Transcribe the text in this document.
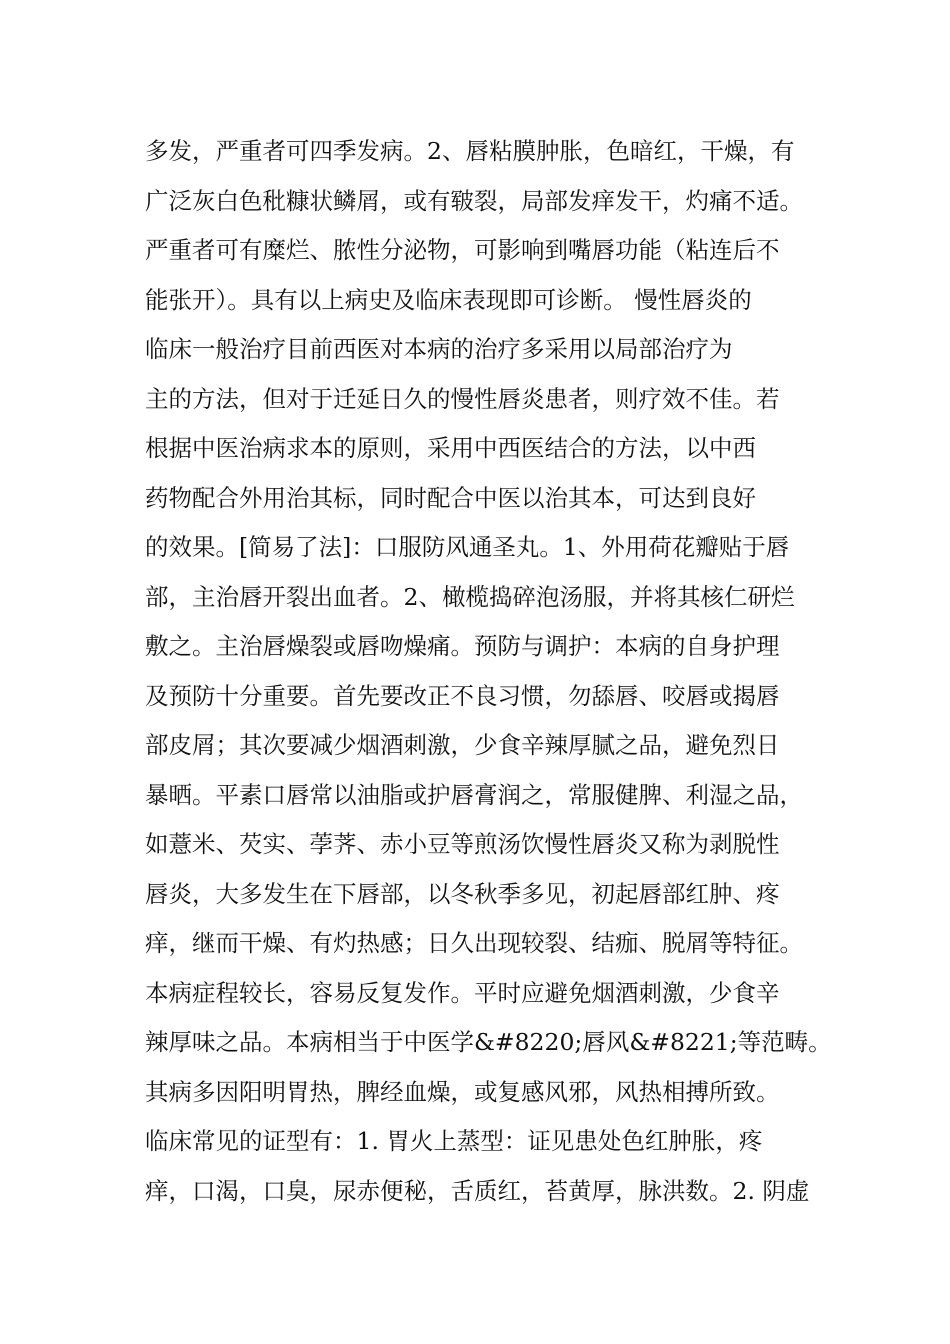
多发，严重者可四季发病。2、唇粘膜肿胀，色暗红，干燥，有
广泛灰白色秕糠状鳞屑，或有皲裂，局部发痒发干，灼痛不适。
严重者可有糜烂、脓性分泌物，可影响到嘴唇功能（粘连后不
能张开）。具有以上病史及临床表现即可诊断。 慢性唇炎的
临床一般治疗目前西医对本病的治疗多采用以局部治疗为
主的方法，但对于迁延日久的慢性唇炎患者，则疗效不佳。若
根据中医治病求本的原则，采用中西医结合的方法，以中西
药物配合外用治其标，同时配合中医以治其本，可达到良好
的效果。[简易了法]：口服防风通圣丸。1、外用荷花瓣贴于唇
部，主治唇开裂出血者。2、橄榄捣碎泡汤服，并将其核仁研烂
敷之。主治唇燥裂或唇吻燥痛。预防与调护：本病的自身护理
及预防十分重要。首先要改正不良习惯，勿舔唇、咬唇或揭唇
部皮屑；其次要减少烟酒刺激，少食辛辣厚腻之品，避免烈日
暴晒。平素口唇常以油脂或护唇膏润之，常服健脾、利湿之品，
如薏米、芡实、荸荠、赤小豆等煎汤饮慢性唇炎又称为剥脱性
唇炎，大多发生在下唇部，以冬秋季多见，初起唇部红肿、疼
痒，继而干燥、有灼热感；日久出现较裂、结痂、脱屑等特征。
本病症程较长，容易反复发作。平时应避免烟酒刺激，少食辛
辣厚味之品。本病相当于中医学&#8220;唇风&#8221;等范畴。
其病多因阳明胃热，脾经血燥，或复感风邪，风热相搏所致。
临床常见的证型有：1. 胃火上蒸型：证见患处色红肿胀，疼
痒，口渴，口臭，尿赤便秘，舌质红，苔黄厚，脉洪数。2. 阴虚
